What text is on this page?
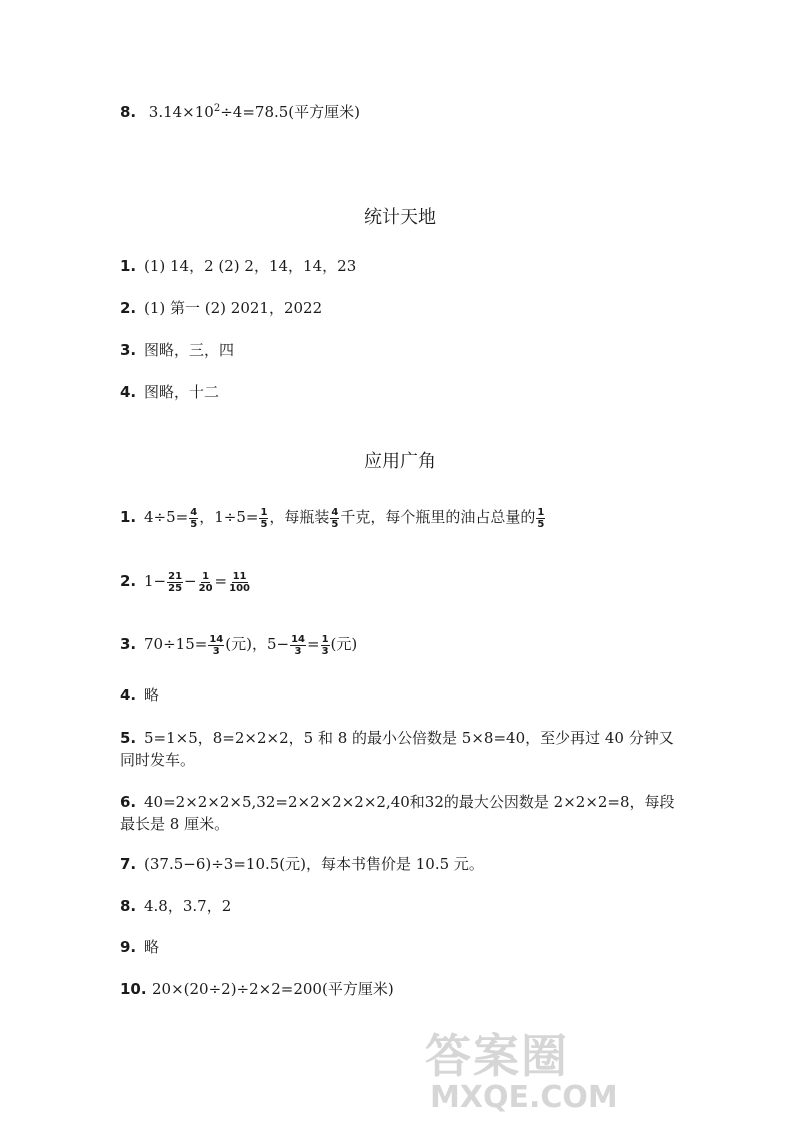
8. $3.14\times 10^2\div 4=78.5$(平方厘米)
统计天地
1. (1) 14，2 (2) 2，14，14，23
2. (1) 第一 (2) 2021，2022
3. 图略，三，四
4. 图略，十二
应用广角
1. $4\div 5= \frac{4}{5}$ ，$1\div 5= \frac{1}{5}$ ，每瓶装 $\frac{4}{5}$ 千克，每个瓶里的油占总量的 $\frac{1}{5}$
2. $1- \frac{21}{25} - \frac{1}{20} = \frac{11}{100}$
3. $70\div 15= \frac{14}{3}$ (元)，$5- \frac{14}{3} = \frac{1}{3}$ (元)
4. 略
5. 5=1×5，8=2×2×2，5 和 8 的最小公倍数是 5×8=40，至少再过 40 分钟又同时发车。
6. 40=2×2×2×5,32=2×2×2×2×2,40和32的最大公因数是 2×2×2=8，每段最长是 8 厘米。
7. (37.5−6)÷3=10.5(元)，每本书售价是 10.5 元。
8. 4.8，3.7，2
9. 略
10. 20×(20÷2)÷2×2=200(平方厘米)
答案圈
MXQE.COM
